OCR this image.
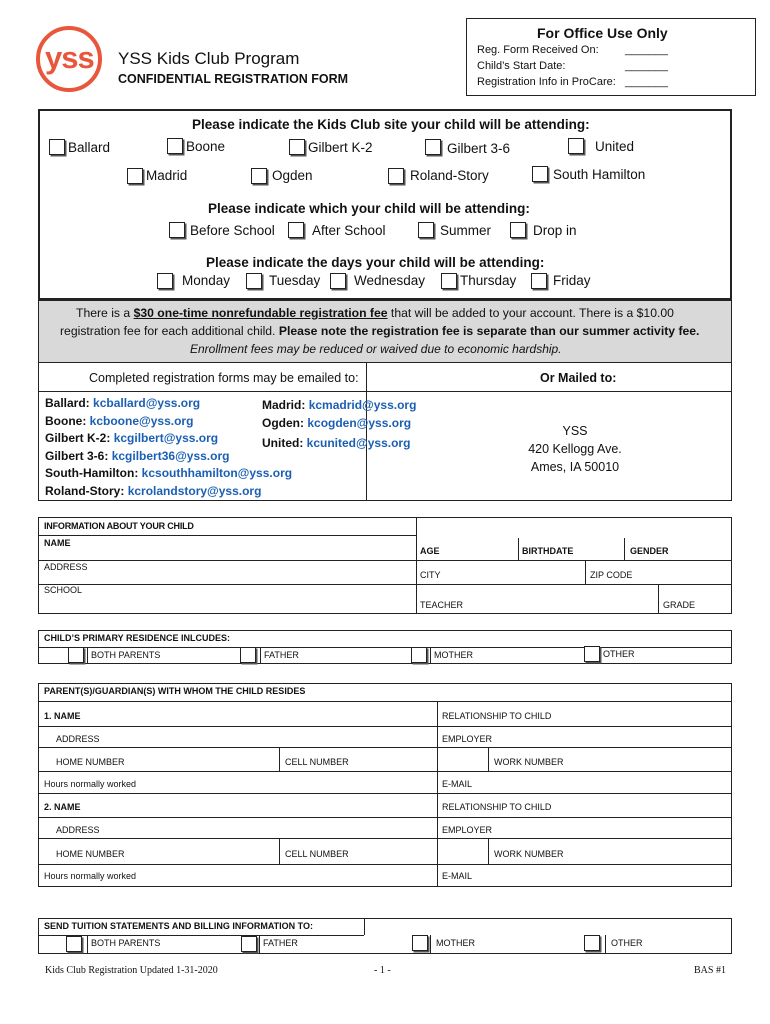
yss YSS Kids Club Program
CONFIDENTIAL REGISTRATION FORM
For Office Use Only
Reg. Form Received On: _______
Child’s Start Date:	_______
Registration Info in ProCare: _______
Please indicate the Kids Club site your child will be attending:
Ballard	Boone	Gilbert K-2	Gilbert 3-6	United
Madrid	Ogden	Roland-Story	South Hamilton
Please indicate which your child will be attending:
Before School	After School	Summer	Drop in
Please indicate the days your child will be attending:
Monday	Tuesday Wednesday	Thursday	Friday
There is a $30 one-time nonrefundable registration fee that will be added to your account. There is a $10.00
registration fee for each additional child. Please note the registration fee is separate than our summer activity fee.
Enrollment fees may be reduced or waived due to economic hardship.
Completed registration forms may be emailed to:	Or Mailed to:
Ballard: kcballard@yss.org
Boone: kcboone@yss.org
Gilbert K-2: kcgilbert@yss.org
Gilbert 3-6: kcgilbert36@yss.org
South-Hamilton: kcsouthhamilton@yss.org
Roland-Story: kcrolandstory@yss.org
Madrid: kcmadrid@yss.org
Ogden: kcogden@yss.org
United: kcunited@yss.org
YSS
420 Kellogg Ave.
Ames, IA 50010
INFORMATION ABOUT YOUR CHILD
NAME
AGE	BIRTHDATE	GENDER
ADDRESS
CITY	ZIP CODE
SCHOOL
TEACHER	GRADE
CHILD’S PRIMARY RESIDENCE INLCUDES:
BOTH PARENTS	FATHER	MOTHER	OTHER
PARENT(S)/GUARDIAN(S) WITH WHOM THE CHILD RESIDES
1. NAME	RELATIONSHIP TO CHILD
ADDRESS	EMPLOYER
HOME NUMBER	CELL NUMBER	WORK NUMBER
Hours normally worked	E-MAIL
2. NAME	RELATIONSHIP TO CHILD
ADDRESS	EMPLOYER
HOME NUMBER	CELL NUMBER	WORK NUMBER
Hours normally worked	E-MAIL
SEND TUITION STATEMENTS AND BILLING INFORMATION TO:
BOTH PARENTS	FATHER	MOTHER	OTHER
Kids Club Registration Updated 1-31-2020	- 1 -	BAS #1
